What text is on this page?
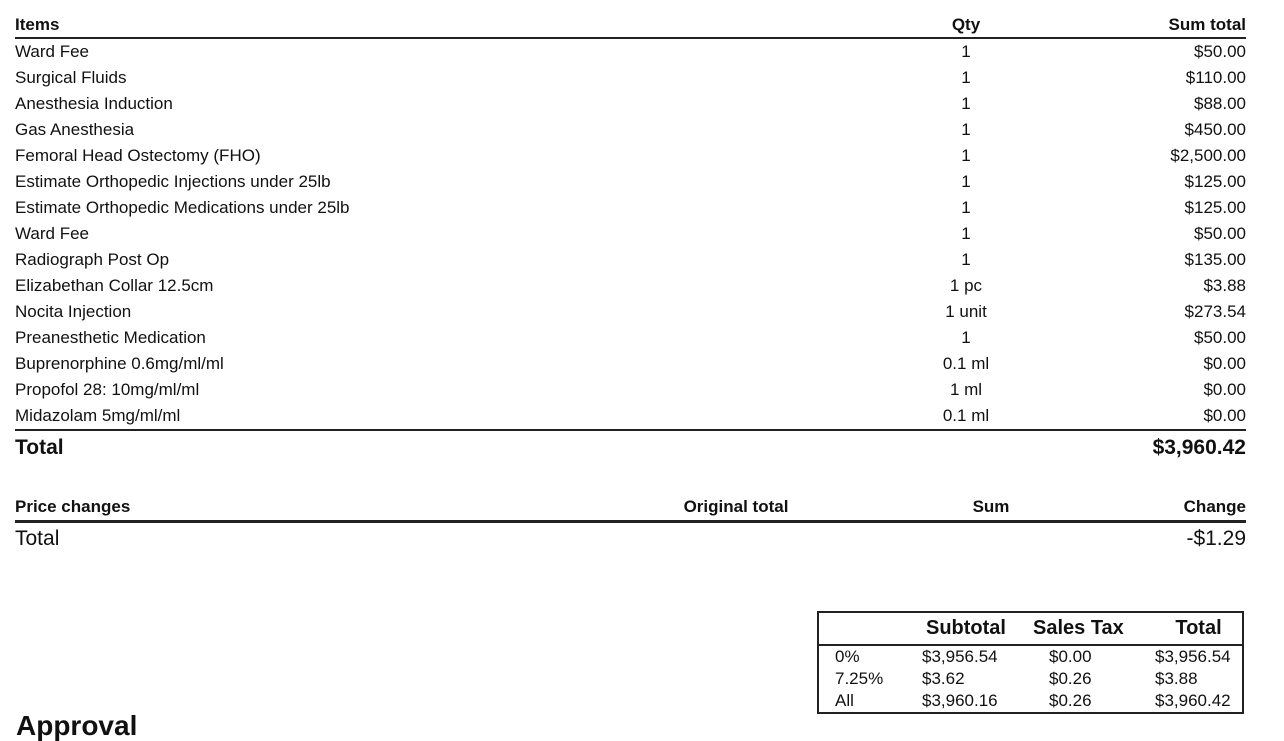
Items	Qty	Sum total
Ward Fee	1	$50.00
Surgical Fluids	1	$110.00
Anesthesia Induction	1	$88.00
Gas Anesthesia	1	$450.00
Femoral Head Ostectomy (FHO)	1	$2,500.00
Estimate Orthopedic Injections under 25lb	1	$125.00
Estimate Orthopedic Medications under 25lb	1	$125.00
Ward Fee	1	$50.00
Radiograph Post Op	1	$135.00
Elizabethan Collar 12.5cm	1 pc	$3.88
Nocita Injection	1 unit	$273.54
Preanesthetic Medication	1	$50.00
Buprenorphine 0.6mg/ml/ml	0.1 ml	$0.00
Propofol 28: 10mg/ml/ml	1 ml	$0.00
Midazolam 5mg/ml/ml	0.1 ml	$0.00
Total		$3,960.42
Price changes	Original total	Sum	Change
Total			-$1.29
	Subtotal	Sales Tax	Total
0%	$3,956.54	$0.00	$3,956.54
7.25%	$3.62	$0.26	$3.88
All	$3,960.16	$0.26	$3,960.42
Approval
